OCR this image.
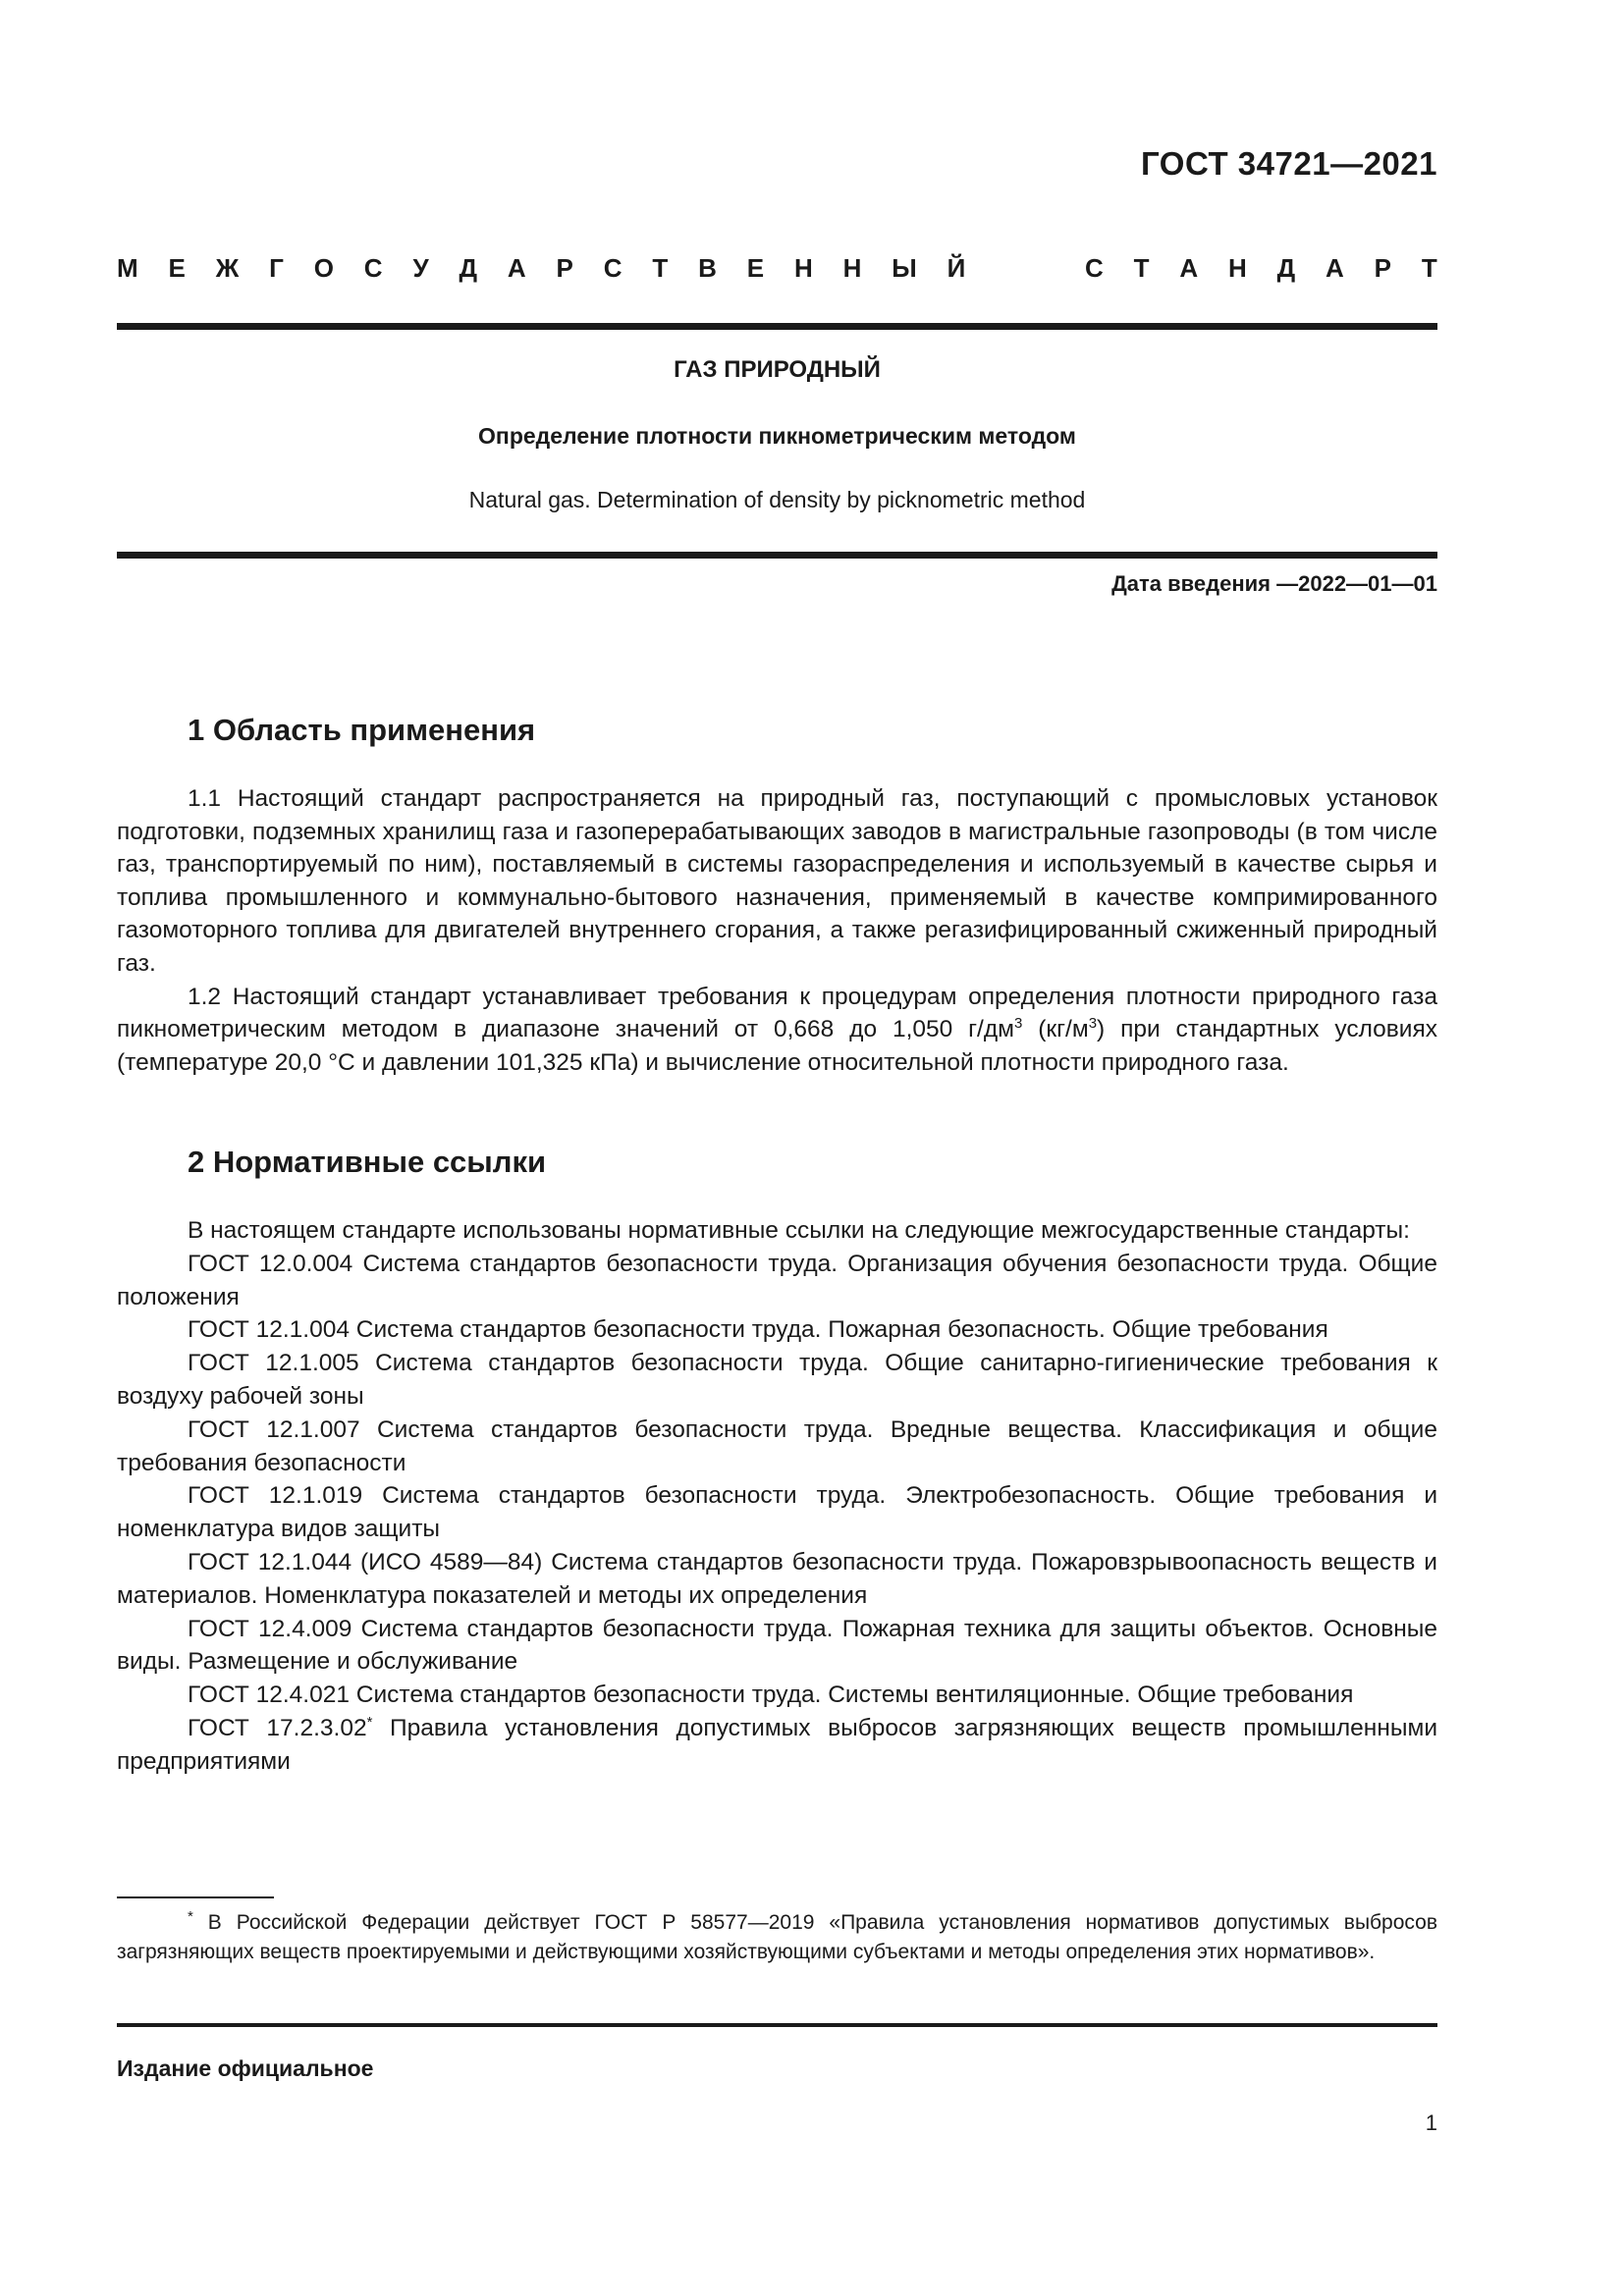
ГОСТ 34721—2021
М Е Ж Г О С У Д А Р С Т В Е Н Н Ы Й	С Т А Н Д А Р Т
ГАЗ ПРИРОДНЫЙ
Определение плотности пикнометрическим методом
Natural gas. Determination of density by picknometric method
Дата введения —2022—01—01
1 Область применения

1.1 Настоящий стандарт распространяется на природный газ, поступающий с промысловых установок подготовки, подземных хранилищ газа и газоперерабатывающих заводов в магистральные газопроводы (в том числе газ, транспортируемый по ним), поставляемый в системы газораспределения и используемый в качестве сырья и топлива промышленного и коммунально-бытового назначения, применяемый в качестве компримированного газомоторного топлива для двигателей внутреннего сгорания, а также регазифицированный сжиженный природный газ.

1.2 Настоящий стандарт устанавливает требования к процедурам определения плотности природного газа пикнометрическим методом в диапазоне значений от 0,668 до 1,050 $г/дм^3$ $(кг/м^3)$ при стандартных условиях (температуре 20,0 °С и давлении 101,325 кПа) и вычисление относительной плотности природного газа.

2 Нормативные ссылки

В настоящем стандарте использованы нормативные ссылки на следующие межгосударственные стандарты:

ГОСТ 12.0.004 Система стандартов безопасности труда. Организация обучения безопасности труда. Общие положения

ГОСТ 12.1.004 Система стандартов безопасности труда. Пожарная безопасность. Общие требования

ГОСТ 12.1.005 Система стандартов безопасности труда. Общие санитарно-гигиенические требования к воздуху рабочей зоны

ГОСТ 12.1.007 Система стандартов безопасности труда. Вредные вещества. Классификация и общие требования безопасности

ГОСТ 12.1.019 Система стандартов безопасности труда. Электробезопасность. Общие требования и номенклатура видов защиты

ГОСТ 12.1.044 (ИСО 4589—84) Система стандартов безопасности труда. Пожаровзрывоопасность веществ и материалов. Номенклатура показателей и методы их определения

ГОСТ 12.4.009 Система стандартов безопасности труда. Пожарная техника для защиты объектов. Основные виды. Размещение и обслуживание

ГОСТ 12.4.021 Система стандартов безопасности труда. Системы вентиляционные. Общие требования

ГОСТ 17.2.3.02* Правила установления допустимых выбросов загрязняющих веществ промышленными предприятиями

* В Российской Федерации действует ГОСТ Р 58577—2019 «Правила установления нормативов допустимых выбросов загрязняющих веществ проектируемыми и действующими хозяйствующими субъектами и методы определения этих нормативов».

Издание официальное
1
